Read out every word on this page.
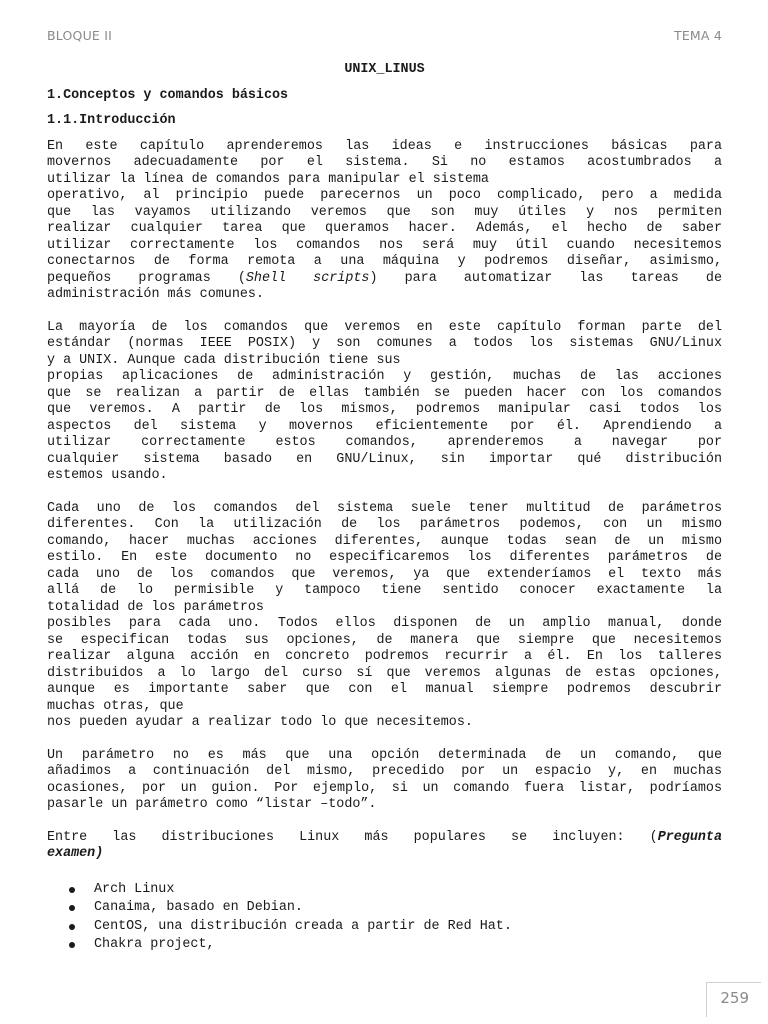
BLOQUE II	TEMA 4
UNIX_LINUS
1.Conceptos y comandos básicos
1.1.Introducción

En este capítulo aprenderemos las ideas e instrucciones básicas para
movernos adecuadamente por el sistema. Si no estamos acostumbrados a
utilizar la línea de comandos para manipular el sistema
operativo, al principio puede parecernos un poco complicado, pero a medida
que las vayamos utilizando veremos que son muy útiles y nos permiten
realizar cualquier tarea que queramos hacer. Además, el hecho de saber
utilizar correctamente los comandos nos será muy útil cuando necesitemos
conectarnos de forma remota a una máquina y podremos diseñar, asimismo,
pequeños programas (Shell scripts) para automatizar las tareas de
administración más comunes.

La mayoría de los comandos que veremos en este capítulo forman parte del
estándar (normas IEEE POSIX) y son comunes a todos los sistemas GNU/Linux
y a UNIX. Aunque cada distribución tiene sus
propias aplicaciones de administración y gestión, muchas de las acciones
que se realizan a partir de ellas también se pueden hacer con los comandos
que veremos. A partir de los mismos, podremos manipular casi todos los
aspectos del sistema y movernos eficientemente por él. Aprendiendo a
utilizar correctamente estos comandos, aprenderemos a navegar por
cualquier sistema basado en GNU/Linux, sin importar qué distribución
estemos usando.

Cada uno de los comandos del sistema suele tener multitud de parámetros
diferentes. Con la utilización de los parámetros podemos, con un mismo
comando, hacer muchas acciones diferentes, aunque todas sean de un mismo
estilo. En este documento no especificaremos los diferentes parámetros de
cada uno de los comandos que veremos, ya que extenderíamos el texto más
allá de lo permisible y tampoco tiene sentido conocer exactamente la
totalidad de los parámetros
posibles para cada uno. Todos ellos disponen de un amplio manual, donde
se especifican todas sus opciones, de manera que siempre que necesitemos
realizar alguna acción en concreto podremos recurrir a él. En los talleres
distribuidos a lo largo del curso sí que veremos algunas de estas opciones,
aunque es importante saber que con el manual siempre podremos descubrir
muchas otras, que
nos pueden ayudar a realizar todo lo que necesitemos.

Un parámetro no es más que una opción determinada de un comando, que
añadimos a continuación del mismo, precedido por un espacio y, en muchas
ocasiones, por un guion. Por ejemplo, si un comando fuera listar, podríamos
pasarle un parámetro como “listar –todo”.

Entre las distribuciones Linux más populares se incluyen: (Pregunta
examen)

Arch Linux
Canaima, basado en Debian.
CentOS, una distribución creada a partir de Red Hat.
Chakra project,
259
